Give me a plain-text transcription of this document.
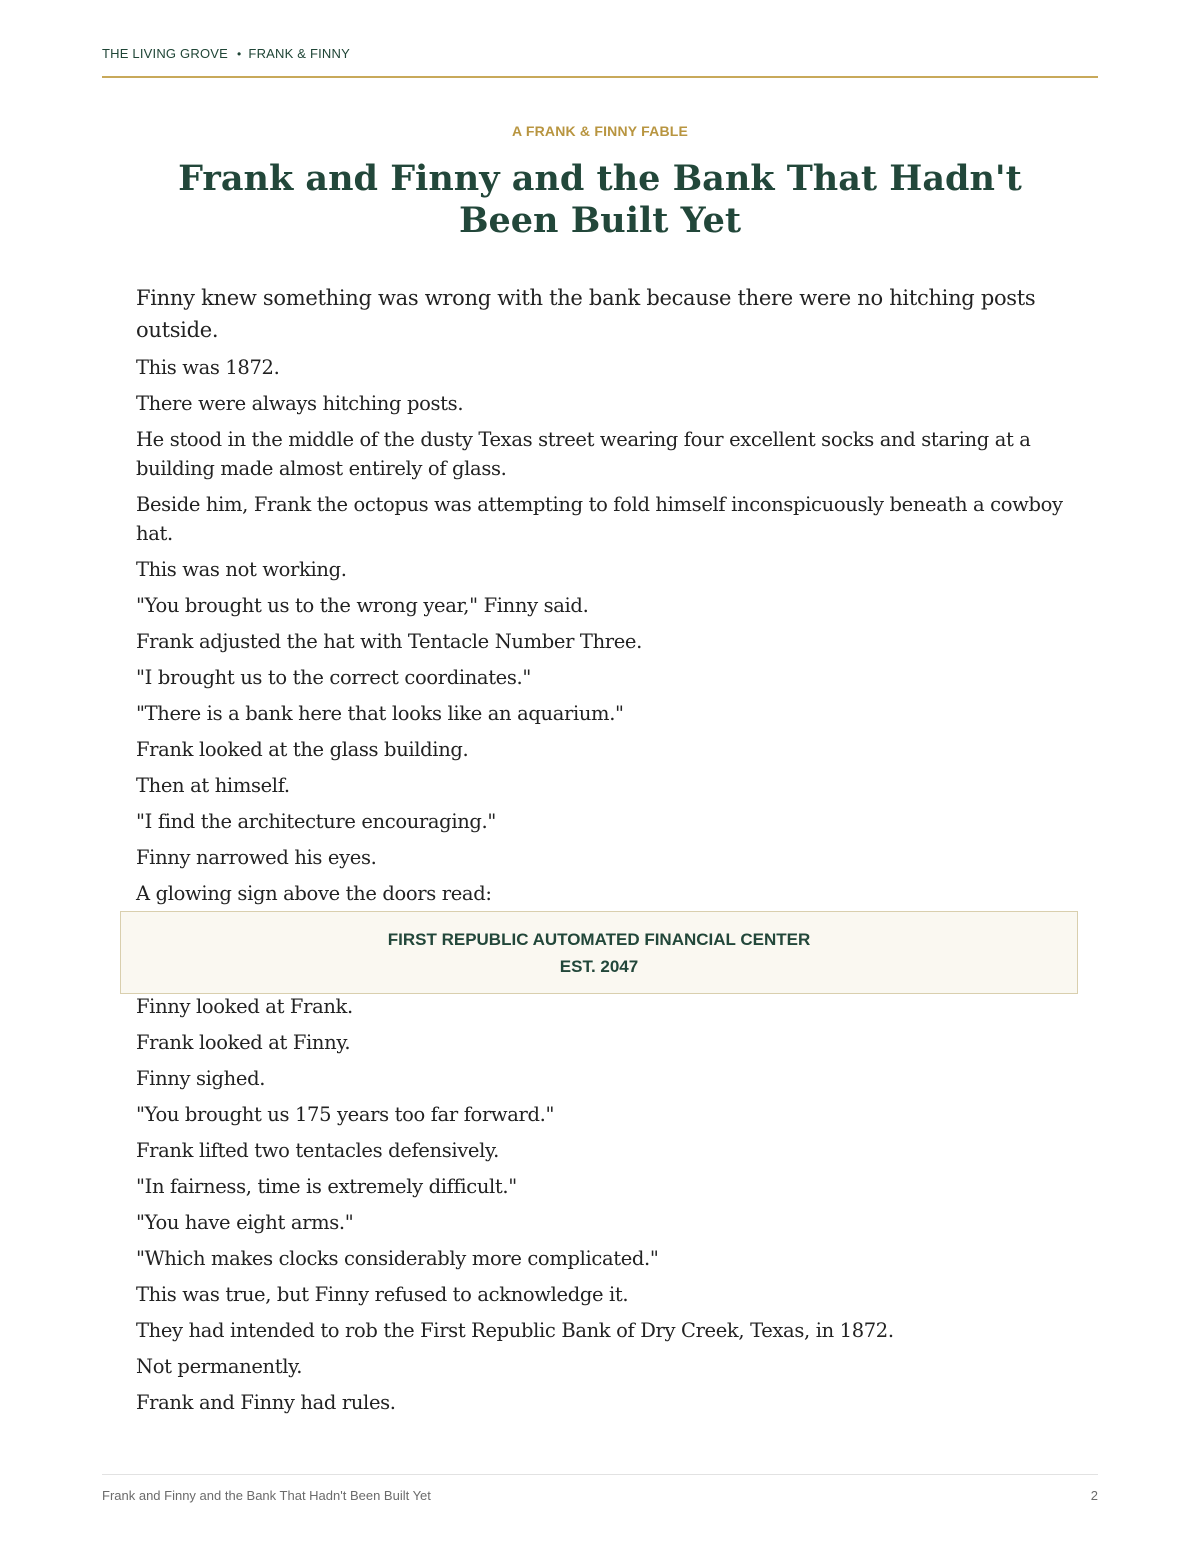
THE LIVING GROVE • FRANK & FINNY
A FRANK & FINNY FABLE
Frank and Finny and the Bank That Hadn't Been Built Yet

Finny knew something was wrong with the bank because there were no hitching posts outside.

This was 1872.

There were always hitching posts.

He stood in the middle of the dusty Texas street wearing four excellent socks and staring at a building made almost entirely of glass.

Beside him, Frank the octopus was attempting to fold himself inconspicuously beneath a cowboy hat.

This was not working.

"You brought us to the wrong year," Finny said.

Frank adjusted the hat with Tentacle Number Three.

"I brought us to the correct coordinates."

"There is a bank here that looks like an aquarium."

Frank looked at the glass building.

Then at himself.

"I find the architecture encouraging."

Finny narrowed his eyes.

A glowing sign above the doors read:

FIRST REPUBLIC AUTOMATED FINANCIAL CENTER
EST. 2047

Finny looked at Frank.

Frank looked at Finny.

Finny sighed.

"You brought us 175 years too far forward."

Frank lifted two tentacles defensively.

"In fairness, time is extremely difficult."

"You have eight arms."

"Which makes clocks considerably more complicated."

This was true, but Finny refused to acknowledge it.

They had intended to rob the First Republic Bank of Dry Creek, Texas, in 1872.

Not permanently.

Frank and Finny had rules.

Frank and Finny and the Bank That Hadn't Been Built Yet	2
